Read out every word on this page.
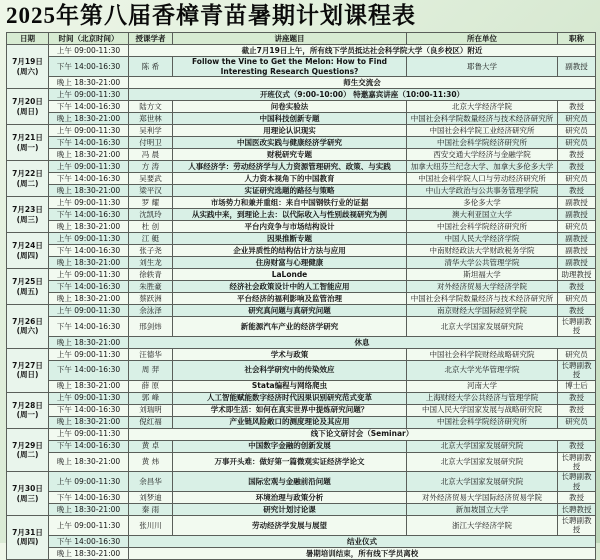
2025年第八届香樟青苗暑期计划课程表
日期	时间（北京时间）	授课学者	讲座题目	所在单位	职称

7月19日
(周六)	上午 09:00-11:30	截止7月19日上午，所有线下学员抵达社会科学院大学（良乡校区）附近			
	下午 14:00-16:30	陈 希	Follow the Vine to Get the Melon: How to Find Interesting Research Questions?	耶鲁大学	副教授
	晚上 18:30-21:00	师生交流会			

7月20日
(周日)	上午 09:00-11:30	开班仪式（9:00-10:00） 特邀嘉宾讲座（10:00-11:30）			
	下午 14:00-16:30	陆方文	问卷实验法	北京大学经济学院	教授
	晚上 18:30-21:00	郑世林	中国科技创新专题	中国社会科学院数量经济与技术经济研究所	研究员

7月21日
(周一)	上午 09:00-11:30	吴利学	用理论认识现实	中国社会科学院工业经济研究所	研究员
	下午 14:00-16:30	付明卫	中国医改实践与健康经济学研究	中国社会科学院经济研究所	研究员
	晚上 18:30-21:00	冯 晨	财税研究专题	西安交通大学经济与金融学院	教授

7月22日
(周二)	上午 09:00-11:30	方 涛	人事经济学：劳动经济学与人力资源管理研究、政策、与实践	加拿大纽芬兰纪念大学、加拿大多伦多大学	教授
	下午 14:00-16:30	吴要武	人力资本视角下的中国教育	中国社会科学院人口与劳动经济研究所	研究员
	晚上 18:30-21:00	梁平汉	实证研究选题的路径与策略	中山大学政治与公共事务管理学院	教授

7月23日
(周三)	上午 09:00-11:30	罗 耀	市场势力和兼并重组：来自中国钢铁行业的证据	多伦多大学	副教授
	下午 14:00-16:30	沈凯玲	从实践中来，到理论上去：以代际收入与性别歧视研究为例	澳大利亚国立大学	副教授
	晚上 18:30-21:00	杜 创	平台内竞争与市场结构设计	中国社会科学院经济研究所	研究员

7月24日
(周四)	上午 09:00-11:30	江 艇	因果推断专题	中国人民大学经济学院	副教授
	下午 14:00-16:30	张子尧	企业异质性的结构估计方法与应用	中南财经政法大学财政税务学院	副教授
	晚上 18:30-21:00	刘生龙	住房财富与心理健康	清华大学公共管理学院	副教授

7月25日
(周五)	上午 09:00-11:30	徐轶青	LaLonde	斯坦福大学	助理教授
	下午 14:00-16:30	朱胜豪	经济社会政策设计中的人工智能应用	对外经济贸易大学经济学院	教授
	晚上 18:30-21:00	蔡跃洲	平台经济的福利影响及监管治理	中国社会科学院数量经济与技术经济研究所	研究员

7月26日
(周六)	上午 09:00-11:30	余泳泽	研究真问题与真研究问题	南京财经大学国际经贸学院	教授
	下午 14:00-16:30	邢剑炜	新能源汽车产业的经济学研究	北京大学国家发展研究院	长聘副教授
	晚上 18:30-21:00	休息			

7月27日
(周日)	上午 09:00-11:30	汪德华	学术与政策	中国社会科学院财经战略研究院	研究员
	下午 14:00-16:30	周 羿	社会科学研究中的传染效应	北京大学光华管理学院	长聘副教授
	晚上 18:30-21:00	薛 原	Stata编程与网络爬虫	河南大学	博士后

7月28日
(周一)	上午 09:00-11:30	郭 峰	人工智能赋能数字经济时代因果识别研究范式变革	上海财经大学公共经济与管理学院	教授
	下午 14:00-16:30	刘瑞明	学术即生活：如何在真实世界中提炼研究问题？	中国人民大学国家发展与战略研究院	教授
	晚上 18:30-21:00	倪红福	产业链风险敞口的测度理论及其应用	中国社会科学院经济研究所	研究员

7月29日
(周二)	上午 09:00-11:30	线下论文研讨会（Seminar）			
	下午 14:00-16:30	黄 卓	中国数字金融的创新发展	北京大学国家发展研究院	教授
	晚上 18:30-21:00	黄 炜	万事开头难：做好第一篇微观实证经济学论文	北京大学国家发展研究院	长聘副教授

7月30日
(周三)	上午 09:00-11:30	余昌华	国际宏观与金融前沿问题	北京大学国家发展研究院	长聘副教授
	下午 14:00-16:30	刘梦迪	环境治理与政策分析	对外经济贸易大学国际经济贸易学院	教授
	晚上 18:30-21:00	秦 雨	研究计划讨论课	新加坡国立大学	长聘教授

7月31日
(周四)	上午 09:00-11:30	张川川	劳动经济学发展与展望	浙江大学经济学院	长聘副教授
	下午 14:00-16:30	结业仪式			
	晚上 18:30-21:00	暑期培训结束，所有线下学员离校			
